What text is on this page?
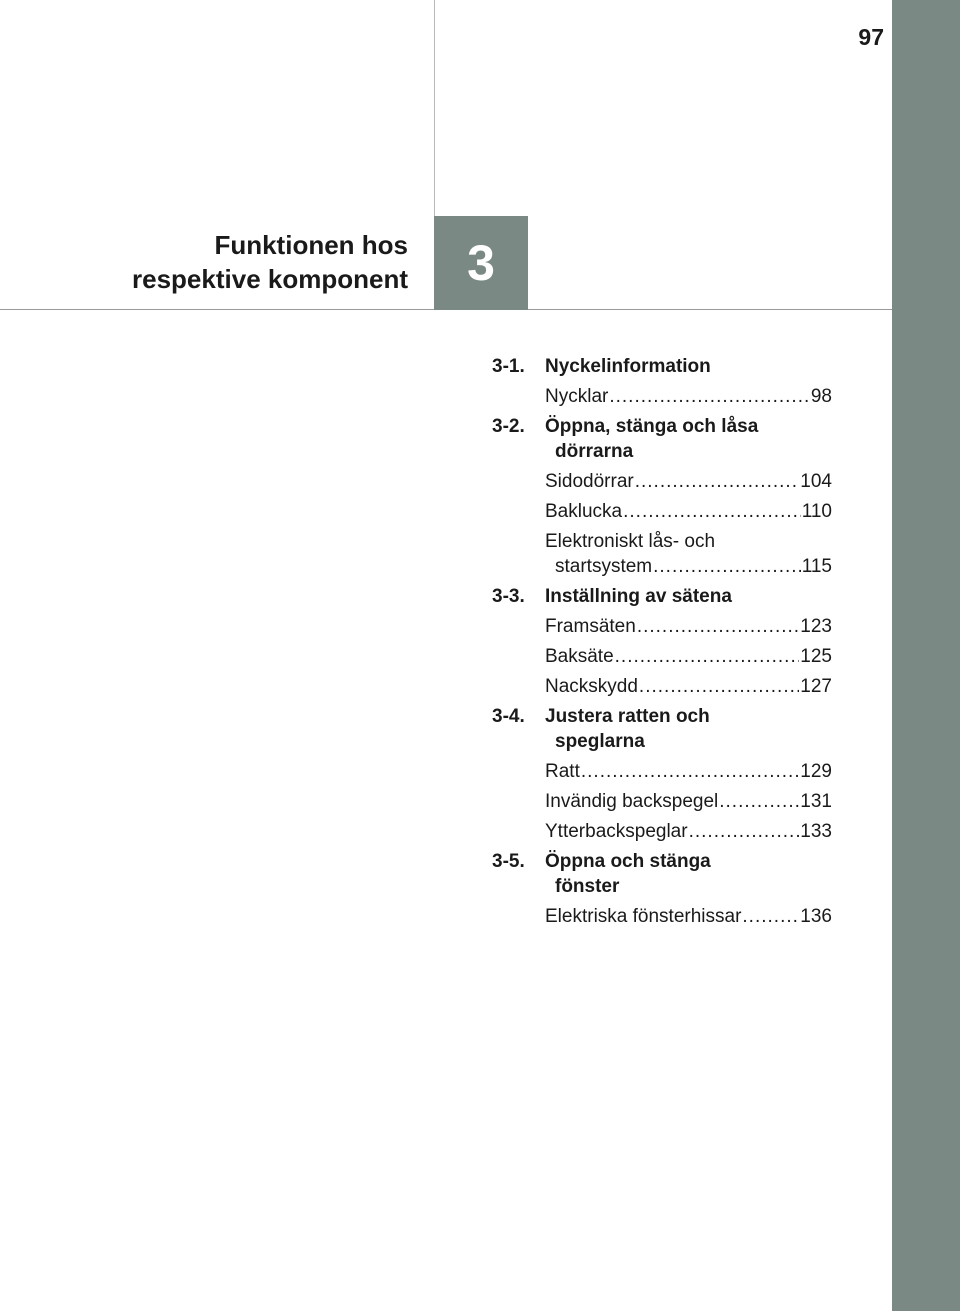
97
Funktionen hos
respektive komponent 3
3-1. Nyckelinformation
Nycklar .....	98
3-2. Öppna, stänga och låsa
dörrarna
Sidodörrar .....	104
Baklucka .....	110
Elektroniskt lås- och
startsystem .....	115
3-3. Inställning av sätena
Framsäten .....	123
Baksäte .....	125
Nackskydd .....	127
3-4. Justera ratten och
speglarna
Ratt .....	129
Invändig backspegel .....	131
Ytterbackspeglar .....	133
3-5. Öppna och stänga
fönster
Elektriska fönsterhissar .....	136
